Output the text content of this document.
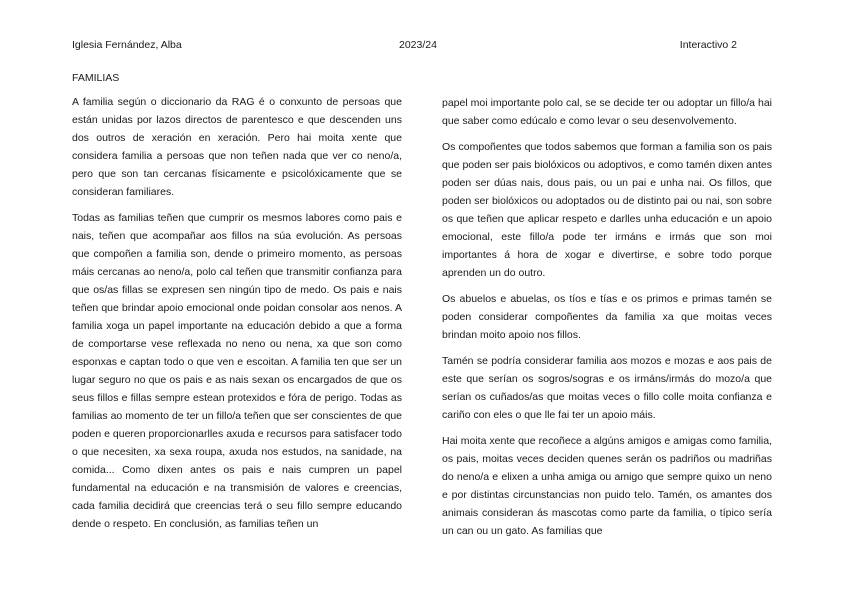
Iglesia Fernández, Alba	2023/24	Interactivo 2
FAMILIAS

A familia según o diccionario da RAG é o conxunto de persoas que están unidas por lazos directos de parentesco e que descenden uns dos outros de xeración en xeración. Pero hai moita xente que considera familia a persoas que non teñen nada que ver co neno/a, pero que son tan cercanas físicamente e psicolóxicamente que se consideran familiares.

Todas as familias teñen que cumprir os mesmos labores como pais e nais, teñen que acompañar aos fillos na súa evolución. As persoas que compoñen a familia son, dende o primeiro momento, as persoas máis cercanas ao neno/a, polo cal teñen que transmitir confianza para que os/as fillas se expresen sen ningún tipo de medo. Os pais e nais teñen que brindar apoio emocional onde poidan consolar aos nenos. A familia xoga un papel importante na educación debido a que a forma de comportarse vese reflexada no neno ou nena, xa que son como esponxas e captan todo o que ven e escoitan. A familia ten que ser un lugar seguro no que os pais e as nais sexan os encargados de que os seus fillos e fillas sempre estean protexidos e fóra de perigo. Todas as familias ao momento de ter un fillo/a teñen que ser conscientes de que poden e queren proporcionarlles axuda e recursos para satisfacer todo o que necesiten, xa sexa roupa, axuda nos estudos, na sanidade, na comida... Como dixen antes os pais e nais cumpren un papel fundamental na educación e na transmisión de valores e creencias, cada familia decidirá que creencias terá o seu fillo sempre educando dende o respeto. En conclusión, as familias teñen un

papel moi importante polo cal, se se decide ter ou adoptar un fillo/a hai que saber como edúcalo e como levar o seu desenvolvemento.

Os compoñentes que todos sabemos que forman a familia son os pais que poden ser pais biolóxicos ou adoptivos, e como tamén dixen antes poden ser dúas nais, dous pais, ou un pai e unha nai. Os fillos, que poden ser biolóxicos ou adoptados ou de distinto pai ou nai, son sobre os que teñen que aplicar respeto e darlles unha educación e un apoio emocional, este fillo/a pode ter irmáns e irmás que son moi importantes á hora de xogar e divertirse, e sobre todo porque aprenden un do outro.

Os abuelos e abuelas, os tíos e tías e os primos e primas tamén se poden considerar compoñentes da familia xa que moitas veces brindan moito apoio nos fillos.

Tamén se podría considerar familia aos mozos e mozas e aos pais de este que serían os sogros/sogras e os irmáns/irmás do mozo/a que serían os cuñados/as que moitas veces o fillo colle moita confianza e cariño con eles o que lle fai ter un apoio máis.

Hai moita xente que recoñece a algúns amigos e amigas como familia, os pais, moitas veces deciden quenes serán os padriños ou madriñas do neno/a e elixen a unha amiga ou amigo que sempre quixo un neno e por distintas circunstancias non puido telo. Tamén, os amantes dos animais consideran ás mascotas como parte da familia, o típico sería un can ou un gato. As familias que
